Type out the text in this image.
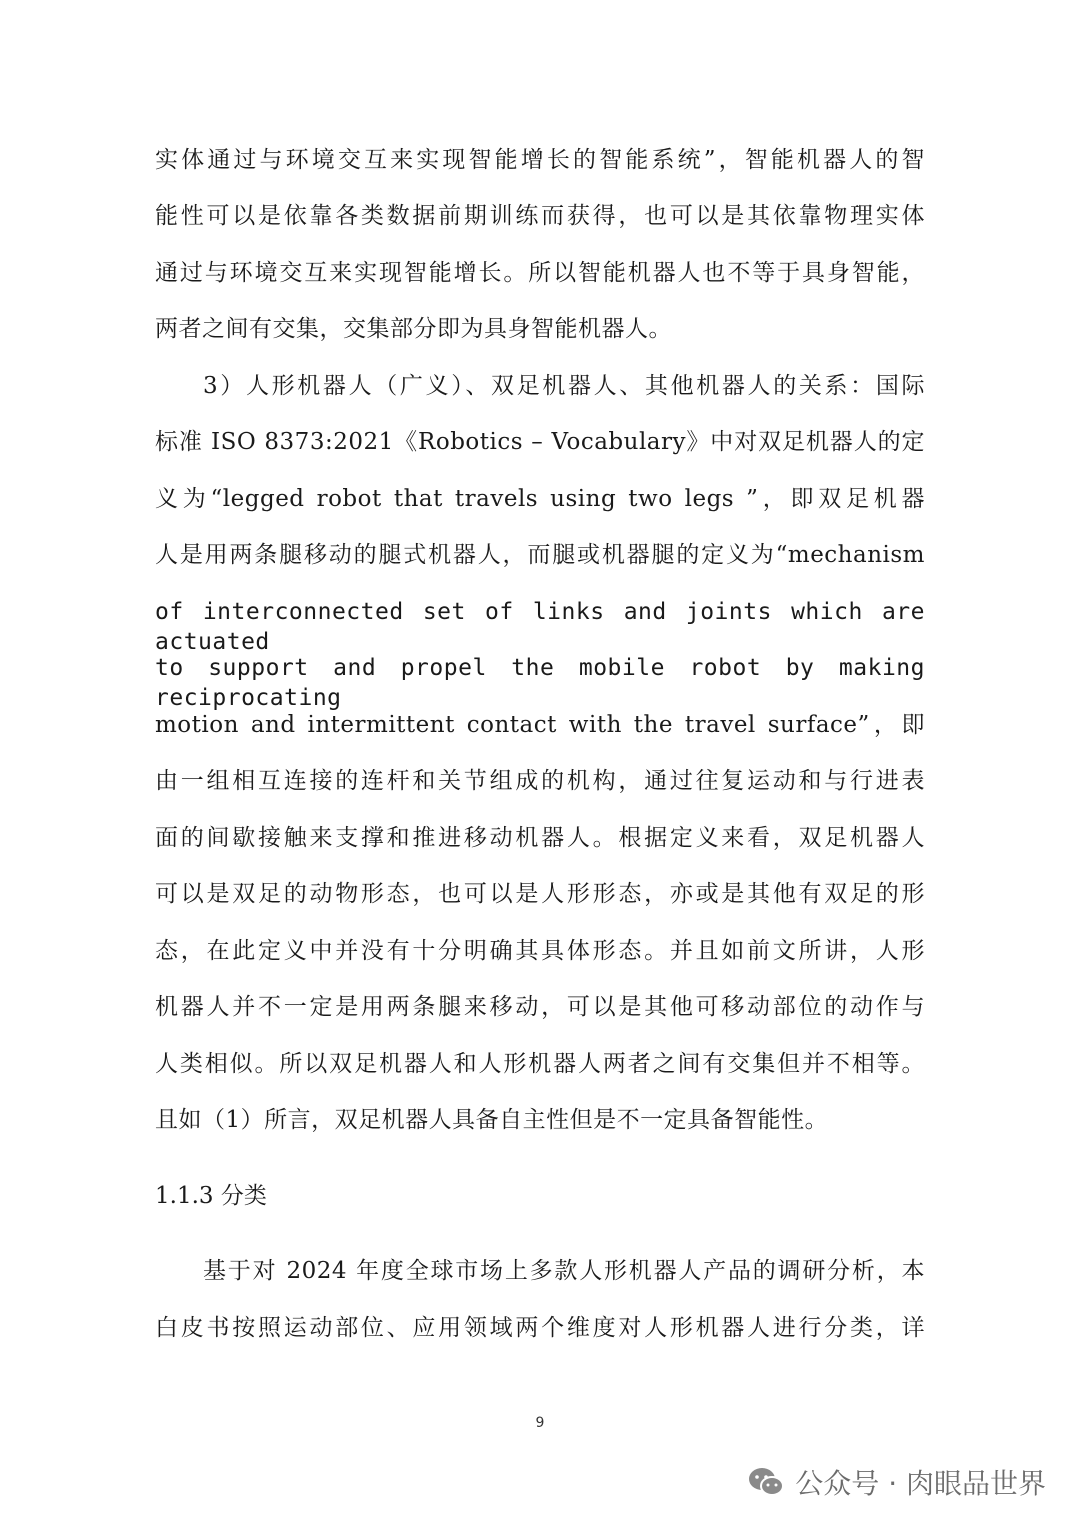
实体通过与环境交互来实现智能增长的智能系统”，智能机器人的智
能性可以是依靠各类数据前期训练而获得，也可以是其依靠物理实体
通过与环境交互来实现智能增长。所以智能机器人也不等于具身智能，
两者之间有交集，交集部分即为具身智能机器人。
3）人形机器人（广义）、双足机器人、其他机器人的关系：国际
标准 ISO 8373:2021《Robotics – Vocabulary》中对双足机器人的定
义为“legged robot that travels using two legs ”，即双足机器
人是用两条腿移动的腿式机器人，而腿或机器腿的定义为“mechanism
of interconnected set of links and joints which are actuated
to support and propel the mobile robot by making reciprocating
motion and intermittent contact with the travel surface”，即
由一组相互连接的连杆和关节组成的机构，通过往复运动和与行进表
面的间歇接触来支撑和推进移动机器人。根据定义来看，双足机器人
可以是双足的动物形态，也可以是人形形态，亦或是其他有双足的形
态，在此定义中并没有十分明确其具体形态。并且如前文所讲，人形
机器人并不一定是用两条腿来移动，可以是其他可移动部位的动作与
人类相似。所以双足机器人和人形机器人两者之间有交集但并不相等。
且如（1）所言，双足机器人具备自主性但是不一定具备智能性。
1.1.3 分类
基于对 2024 年度全球市场上多款人形机器人产品的调研分析，本
白皮书按照运动部位、应用领域两个维度对人形机器人进行分类，详
9
公众号 · 肉眼品世界
